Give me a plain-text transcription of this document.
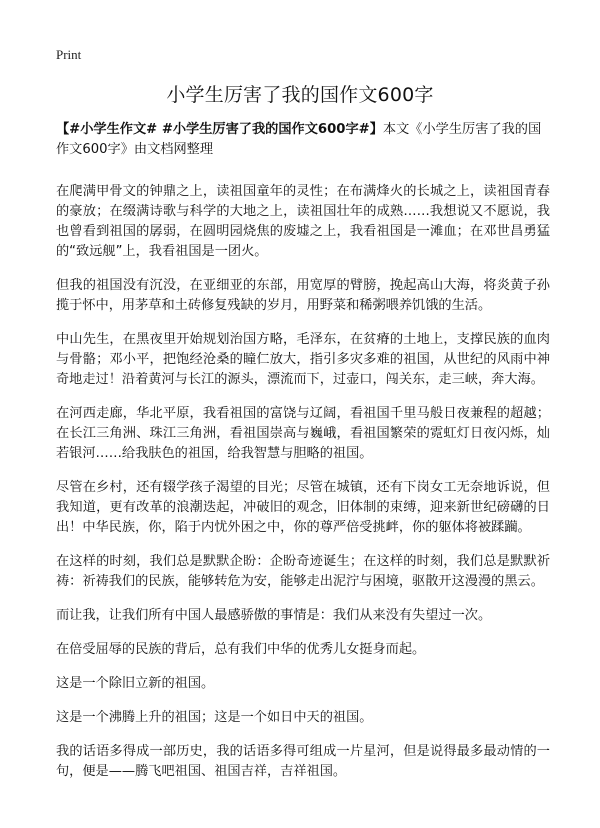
Print
小学生厉害了我的国作文600字

【#小学生作文# #小学生厉害了我的国作文600字#】本文《小学生厉害了我的国作文600字》由文档网整理

在爬满甲骨文的钟鼎之上，读祖国童年的灵性；在布满烽火的长城之上，读祖国青春的豪放；在缀满诗歌与科学的大地之上，读祖国壮年的成熟……我想说又不愿说，我也曾看到祖国的孱弱，在圆明园烧焦的废墟之上，我看祖国是一滩血；在邓世昌勇猛的“致远舰”上，我看祖国是一团火。

但我的祖国没有沉没，在亚细亚的东部，用宽厚的臂膀，挽起高山大海，将炎黄子孙揽于怀中，用茅草和土砖修复残缺的岁月，用野菜和稀粥喂养饥饿的生活。

中山先生，在黑夜里开始规划治国方略，毛泽东，在贫瘠的土地上，支撑民族的血肉与骨骼；邓小平，把饱经沧桑的瞳仁放大，指引多灾多难的祖国，从世纪的风雨中神奇地走过！沿着黄河与长江的源头，漂流而下，过壶口，闯关东，走三峡，奔大海。

在河西走廊，华北平原，我看祖国的富饶与辽阔，看祖国千里马般日夜兼程的超越；在长江三角洲、珠江三角洲，看祖国崇高与巍峨，看祖国繁荣的霓虹灯日夜闪烁，灿若银河……给我肤色的祖国，给我智慧与胆略的祖国。

尽管在乡村，还有辍学孩子渴望的目光；尽管在城镇，还有下岗女工无奈地诉说，但我知道，更有改革的浪潮迭起，冲破旧的观念，旧体制的束缚，迎来新世纪磅礴的日出！中华民族，你，陷于内忧外困之中，你的尊严倍受挑衅，你的躯体将被蹂躏。

在这样的时刻，我们总是默默企盼：企盼奇迹诞生；在这样的时刻，我们总是默默祈祷：祈祷我们的民族，能够转危为安，能够走出泥泞与困境，驱散开这漫漫的黑云。

而让我，让我们所有中国人最感骄傲的事情是：我们从来没有失望过一次。

在倍受屈辱的民族的背后，总有我们中华的优秀儿女挺身而起。

这是一个除旧立新的祖国。

这是一个沸腾上升的祖国；这是一个如日中天的祖国。

我的话语多得成一部历史，我的话语多得可组成一片星河，但是说得最多最动情的一句，便是——腾飞吧祖国、祖国吉祥，吉祥祖国。
